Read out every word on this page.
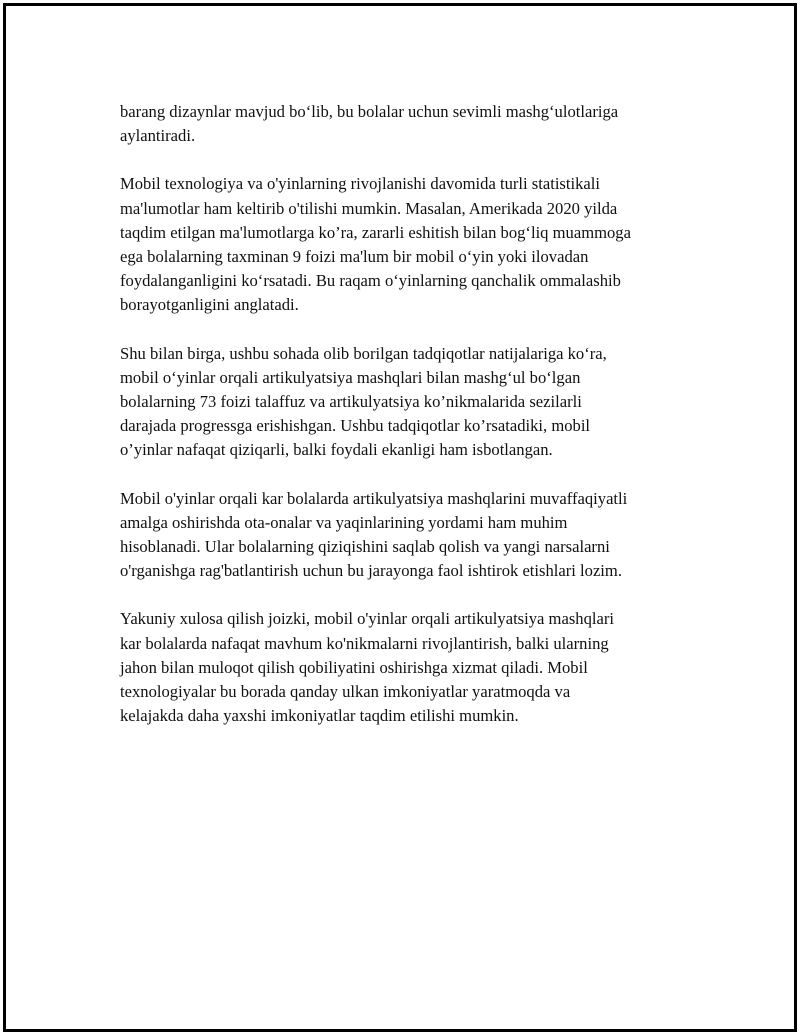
barang dizaynlar mavjud bo‘lib, bu bolalar uchun sevimli mashg‘ulotlariga
aylantiradi.

Mobil texnologiya va o'yinlarning rivojlanishi davomida turli statistikali
ma'lumotlar ham keltirib o'tilishi mumkin. Masalan, Amerikada 2020 yilda
taqdim etilgan ma'lumotlarga ko’ra, zararli eshitish bilan bog‘liq muammoga
ega bolalarning taxminan 9 foizi ma'lum bir mobil o‘yin yoki ilovadan
foydalanganligini ko‘rsatadi. Bu raqam o‘yinlarning qanchalik ommalashib
borayotganligini anglatadi.

Shu bilan birga, ushbu sohada olib borilgan tadqiqotlar natijalariga ko‘ra,
mobil o‘yinlar orqali artikulyatsiya mashqlari bilan mashg‘ul bo‘lgan
bolalarning 73 foizi talaffuz va artikulyatsiya ko’nikmalarida sezilarli
darajada progressga erishishgan. Ushbu tadqiqotlar ko’rsatadiki, mobil
o’yinlar nafaqat qiziqarli, balki foydali ekanligi ham isbotlangan.

Mobil o'yinlar orqali kar bolalarda artikulyatsiya mashqlarini muvaffaqiyatli
amalga oshirishda ota-onalar va yaqinlarining yordami ham muhim
hisoblanadi. Ular bolalarning qiziqishini saqlab qolish va yangi narsalarni
o'rganishga rag'batlantirish uchun bu jarayonga faol ishtirok etishlari lozim.

Yakuniy xulosa qilish joizki, mobil o'yinlar orqali artikulyatsiya mashqlari
kar bolalarda nafaqat mavhum ko'nikmalarni rivojlantirish, balki ularning
jahon bilan muloqot qilish qobiliyatini oshirishga xizmat qiladi. Mobil
texnologiyalar bu borada qanday ulkan imkoniyatlar yaratmoqda va
kelajakda daha yaxshi imkoniyatlar taqdim etilishi mumkin.
